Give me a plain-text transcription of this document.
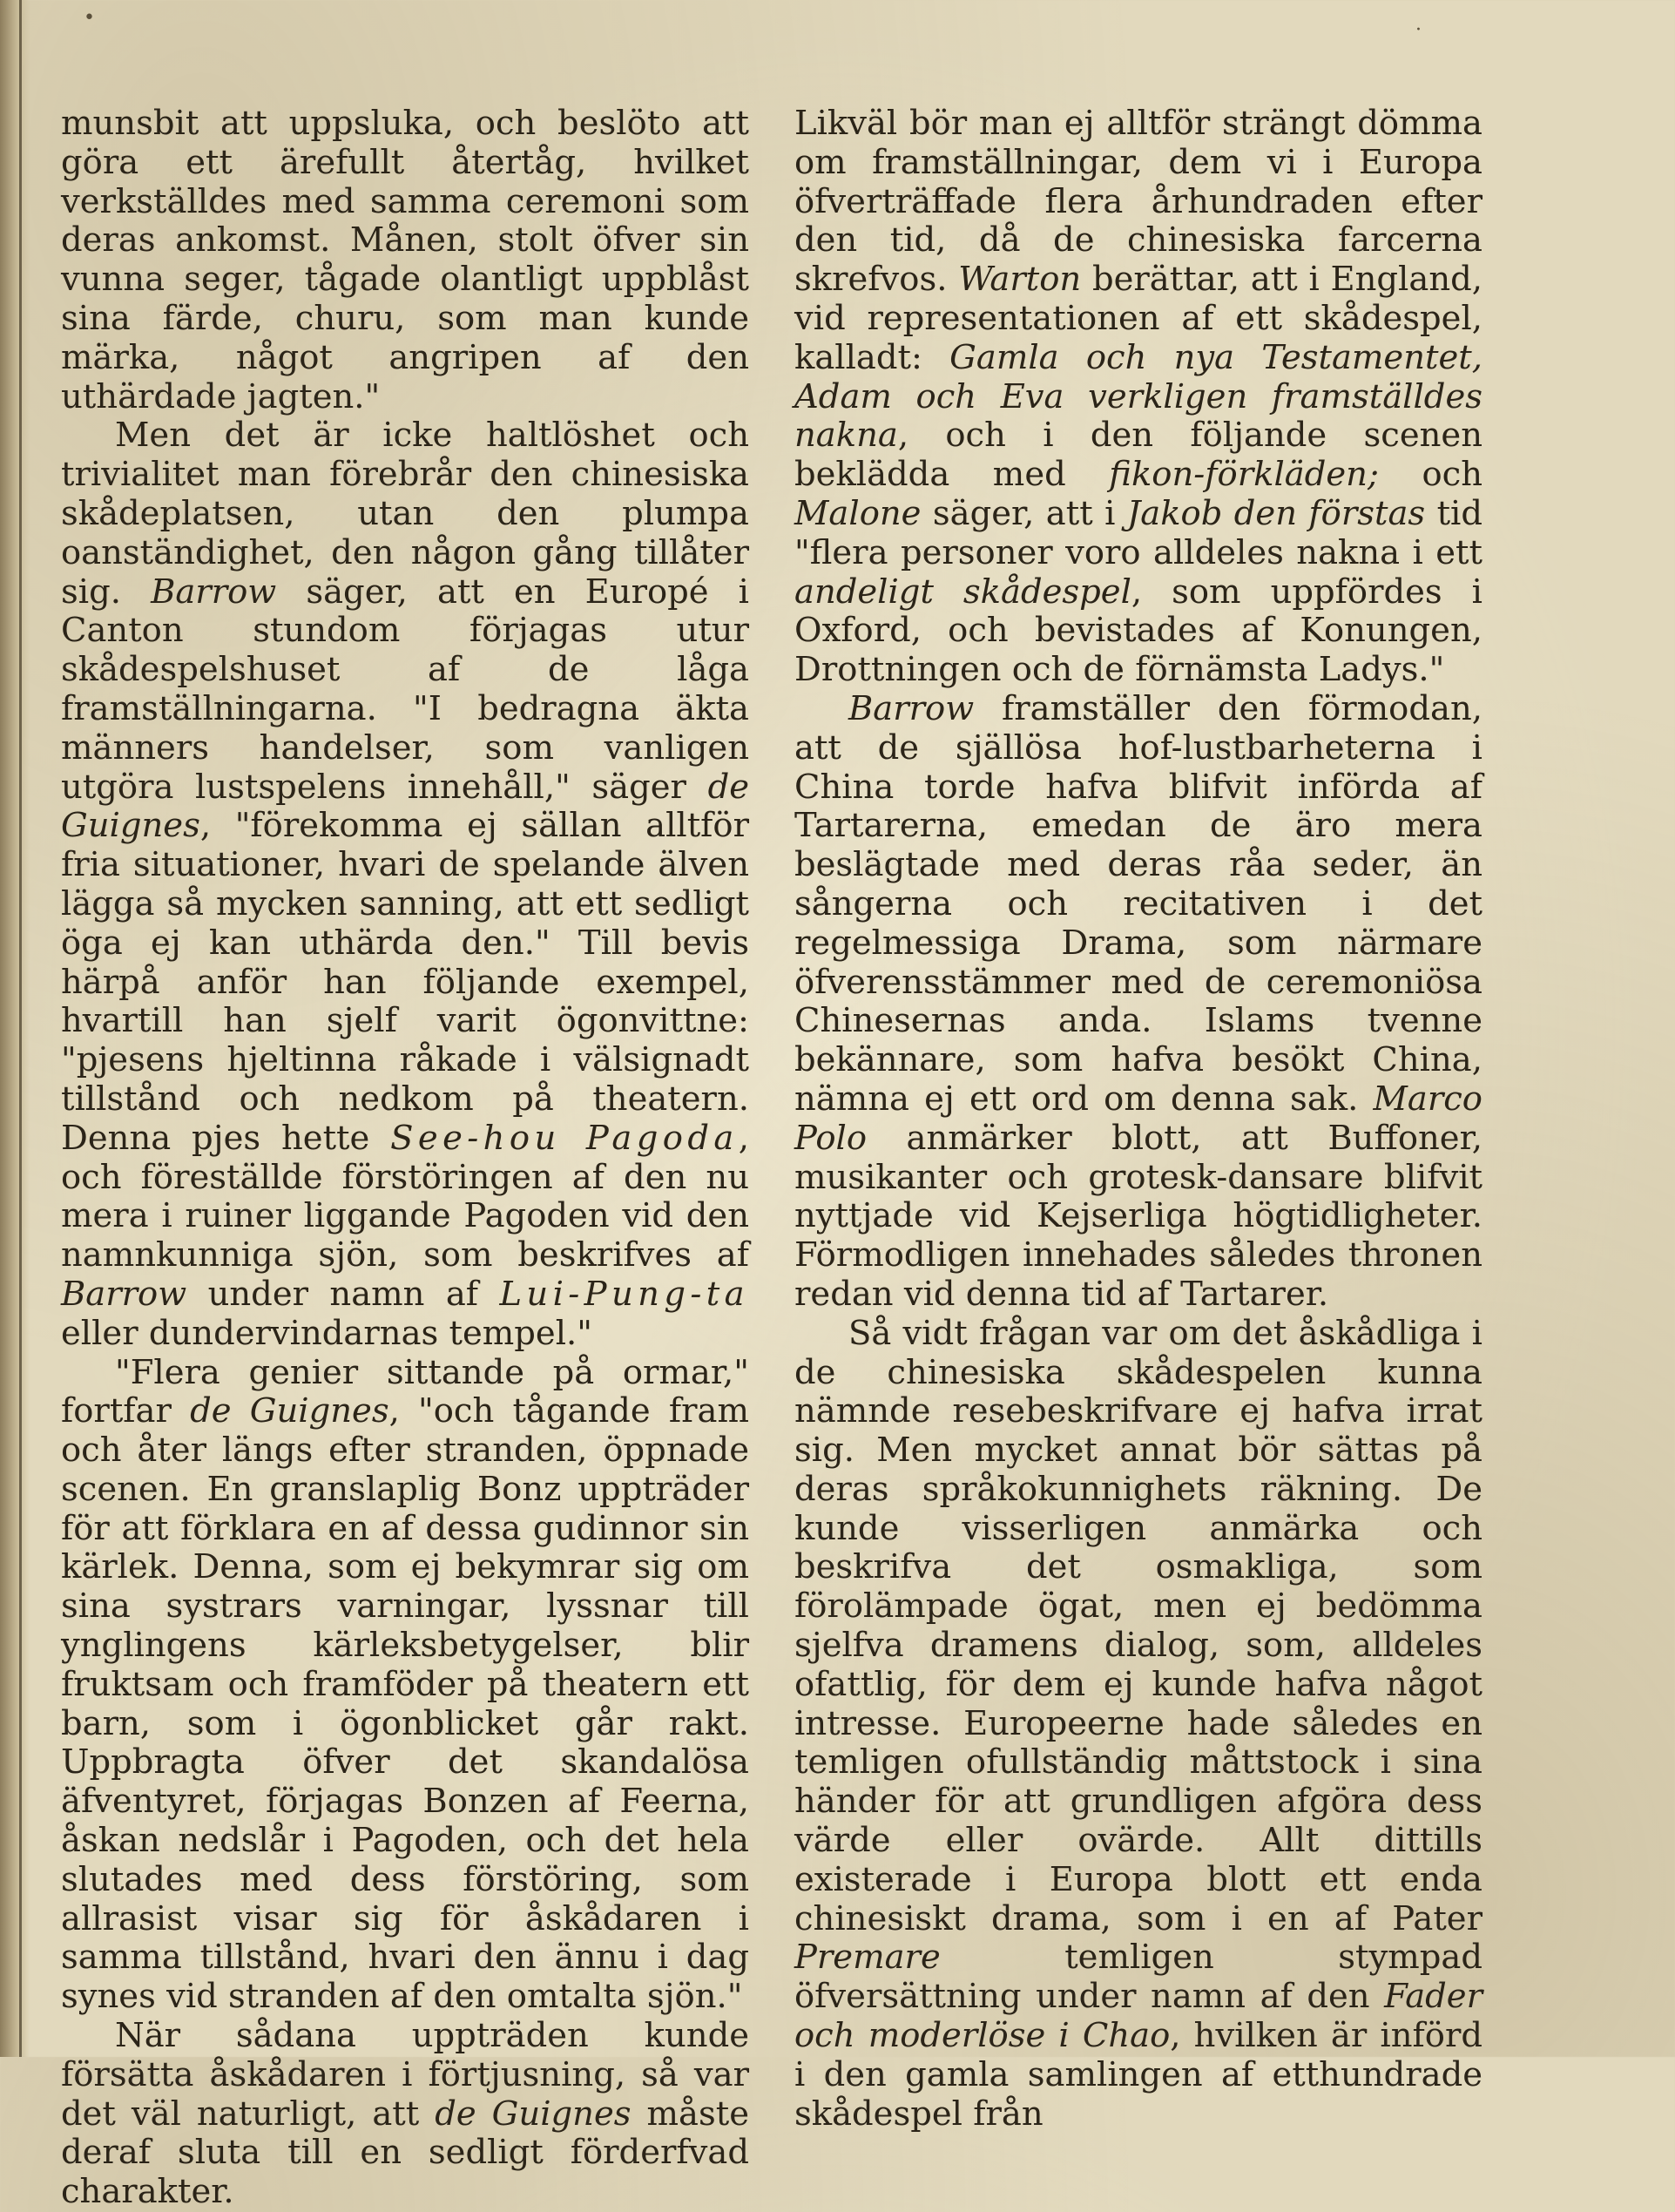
•
·

munsbit att uppsluka, och beslöto att göra ett ärefullt återtåg, hvilket verkställdes med samma ceremoni som deras ankomst. Månen, stolt öfver sin vunna seger, tågade olantligt uppblåst sina färde, churu, som man kunde märka, något angripen af den uthärdade jagten."

Men det är icke haltlöshet och trivialitet man förebrår den chinesiska skådeplatsen, utan den plumpa oanständighet, den någon gång tillåter sig. Barrow säger, att en Europé i Canton stundom förjagas utur skådespelshuset af de låga framställningarna. "I bedragna äkta männers handelser, som vanligen utgöra lustspelens innehåll," säger de Guignes, "förekomma ej sällan alltför fria situationer, hvari de spelande älven lägga så mycken sanning, att ett sedligt öga ej kan uthärda den." Till bevis härpå anför han följande exempel, hvartill han sjelf varit ögonvittne: "pjesens hjeltinna råkade i välsignadt tillstånd och nedkom på theatern. Denna pjes hette See-hou Pagoda, och föreställde förstöringen af den nu mera i ruiner liggande Pagoden vid den namnkunniga sjön, som beskrifves af Barrow under namn af Lui-Pung-ta eller dundervindarnas tempel."

"Flera genier sittande på ormar," fortfar de Guignes, "och tågande fram och åter längs efter stranden, öppnade scenen. En granslaplig Bonz uppträder för att förklara en af dessa gudinnor sin kärlek. Denna, som ej bekymrar sig om sina systrars varningar, lyssnar till ynglingens kärleksbetygelser, blir fruktsam och framföder på theatern ett barn, som i ögonblicket går rakt. Uppbragta öfver det skandalösa äfventyret, förjagas Bonzen af Feerna, åskan nedslår i Pagoden, och det hela slutades med dess förstöring, som allrasist visar sig för åskådaren i samma tillstånd, hvari den ännu i dag synes vid stranden af den omtalta sjön."

När sådana uppträden kunde försätta åskådaren i förtjusning, så var det väl naturligt, att de Guignes måste deraf sluta till en sedligt förderfvad charakter.

Likväl bör man ej alltför strängt dömma om framställningar, dem vi i Europa öfverträffade flera århundraden efter den tid, då de chinesiska farcerna skrefvos. Warton berättar, att i England, vid representationen af ett skådespel, kalladt: Gamla och nya Testamentet, Adam och Eva verkligen framställdes nakna, och i den följande scenen beklädda med fikon-förkläden; och Malone säger, att i Jakob den förstas tid "flera personer voro alldeles nakna i ett andeligt skådespel, som uppfördes i Oxford, och bevistades af Konungen, Drottningen och de förnämsta Ladys."

Barrow framställer den förmodan, att de själlösa hof-lustbarheterna i China torde hafva blifvit införda af Tartarerna, emedan de äro mera beslägtade med deras råa seder, än sångerna och recitativen i det regelmessiga Drama, som närmare öfverensstämmer med de ceremoniösa Chinesernas anda. Islams tvenne bekännare, som hafva besökt China, nämna ej ett ord om denna sak. Marco Polo anmärker blott, att Buffoner, musikanter och grotesk-dansare blifvit nyttjade vid Kejserliga högtidligheter. Förmodligen innehades således thronen redan vid denna tid af Tartarer.

Så vidt frågan var om det åskådliga i de chinesiska skådespelen kunna nämnde resebeskrifvare ej hafva irrat sig. Men mycket annat bör sättas på deras språkokunnighets räkning. De kunde visserligen anmärka och beskrifva det osmakliga, som förolämpade ögat, men ej bedömma sjelfva dramens dialog, som, alldeles ofattlig, för dem ej kunde hafva något intresse. Europeerne hade således en temligen ofullständig måttstock i sina händer för att grundligen afgöra dess värde eller ovärde. Allt dittills existerade i Europa blott ett enda chinesiskt drama, som i en af Pater Premare temligen stympad öfversättning under namn af den Fader och moderlöse i Chao, hvilken är införd i den gamla samlingen af etthundrade skådespel från
